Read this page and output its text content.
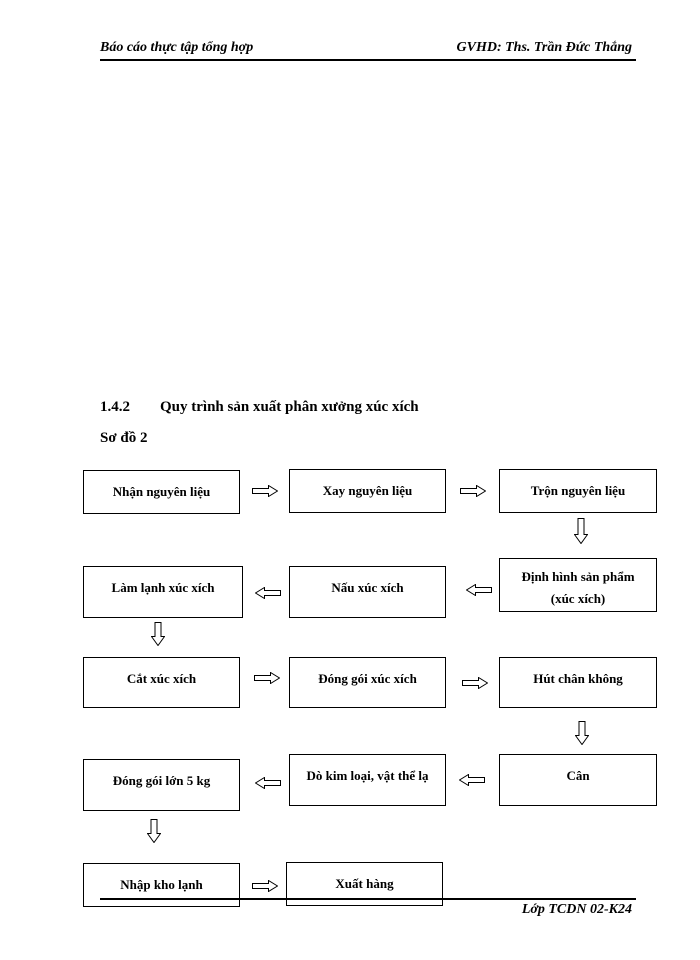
Báo cáo thực tập tổng hợp	GVHD: Ths. Trần Đức Thắng
1.4.2 Quy trình sản xuất phân xưởng xúc xích
Sơ đồ 2
Nhận nguyên liệu	Xay nguyên liệu	Trộn nguyên liệu
Định hình sản phẩm
(xúc xích)
Nấu xúc xích
Làm lạnh xúc xích
Cắt xúc xích	Đóng gói xúc xích	Hút chân không
Cân
Dò kim loại, vật thể lạ
Đóng gói lớn 5 kg
Nhập kho lạnh	Xuất hàng
Lớp TCDN 02-K24
